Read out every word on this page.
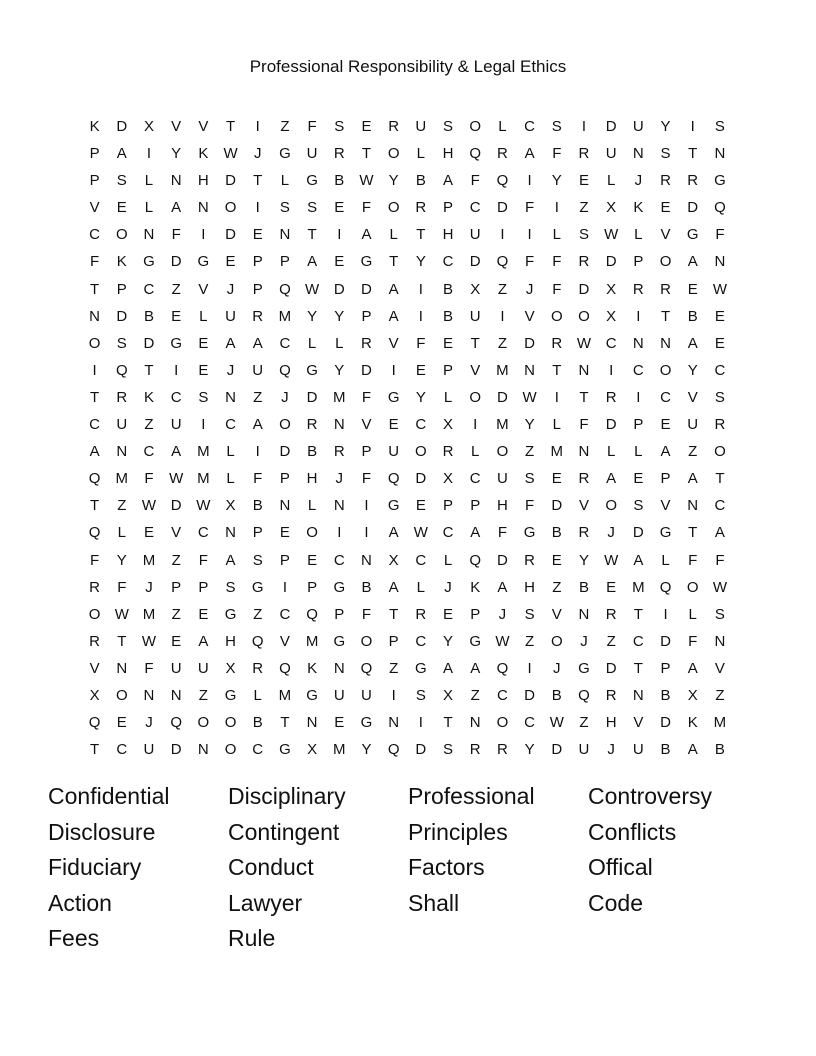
Professional Responsibility & Legal Ethics
K	D	X	V	V	T	I	Z	F	S	E	R	U	S	O	L	C	S	I	D	U	Y	I	S
P	A	I	Y	K	W	J	G	U	R	T	O	L	H	Q	R	A	F	R	U	N	S	T	N
P	S	L	N	H	D	T	L	G	B	W	Y	B	A	F	Q	I	Y	E	L	J	R	R	G
V	E	L	A	N	O	I	S	S	E	F	O	R	P	C	D	F	I	Z	X	K	E	D	Q
C	O	N	F	I	D	E	N	T	I	A	L	T	H	U	I	I	L	S	W	L	V	G	F
F	K	G	D	G	E	P	P	A	E	G	T	Y	C	D	Q	F	F	R	D	P	O	A	N
T	P	C	Z	V	J	P	Q W D	D	A	I	B	X	Z	J	F	D	X	R	R	E	W
N	D	B	E	L	U	R	M	Y	Y	P	A	I	B	U	I	V	O	O	X	I	T	B	E
O	S	D	G	E	A	A	C	L	L	R	V	F	E	T	Z	D	R W C	N	N	A	E
I	Q	T	I	E	J	U	Q	G	Y	D	I	E	P	V	M	N	T	N	I	C	O	Y	C
T	R	K	C	S	N	Z	J	D	M	F	G	Y	L	O	D W	I	T	R	I	C	V	S
C	U	Z	U	I	C	A	O	R	N	V	E	C	X	I	M	Y	L	F	D	P	E	U	R
A	N	C	A	M	L	I	D	B	R	P	U	O	R	L	O	Z	M	N	L	L	A	Z	O
Q	M	F	W M	L	F	P	H	J	F	Q	D	X	C	U	S	E	R	A	E	P	A	T
T	Z	W D W	X	B	N	L	N	I	G	E	P	P	H	F	D	V	O	S	V	N	C
Q	L	E	V	C	N	P	E	O	I	I	A	W C	A	F	G	B	R	J	D	G	T	A
F	Y	M	Z	F	A	S	P	E	C	N	X	C	L	Q	D	R	E	Y	W	A	L	F	F
R	F	J	P	P	S	G	I	P	G	B	A	L	J	K	A	H	Z	B	E	M	Q	O W
O W M	Z	E	G	Z	C	Q	P	F	T	R	E	P	J	S	V	N	R	T	I	L	S
R	T	W	E	A	H	Q	V	M	G	O	P	C	Y	G W	Z	O	J	Z	C	D	F	N
V	N	F	U	U	X	R	Q	K	N	Q	Z	G	A	A	Q	I	J	G	D	T	P	A	V
X	O	N	N	Z	G	L	M	G	U	U	I	S	X	Z	C	D	B	Q	R	N	B	X	Z
Q	E	J	Q	O	O	B	T	N	E	G	N	I	T	N	O	C W	Z	H	V	D	K	M
T	C	U	D	N	O	C	G	X	M	Y	Q	D	S	R	R	Y	D	U	J	U	B	A	B
Confidential	Disciplinary	Professional	Controversy
Disclosure	Contingent	Principles	Conflicts
Fiduciary	Conduct	Factors	Offical
Action	Lawyer	Shall	Code
Fees	Rule
